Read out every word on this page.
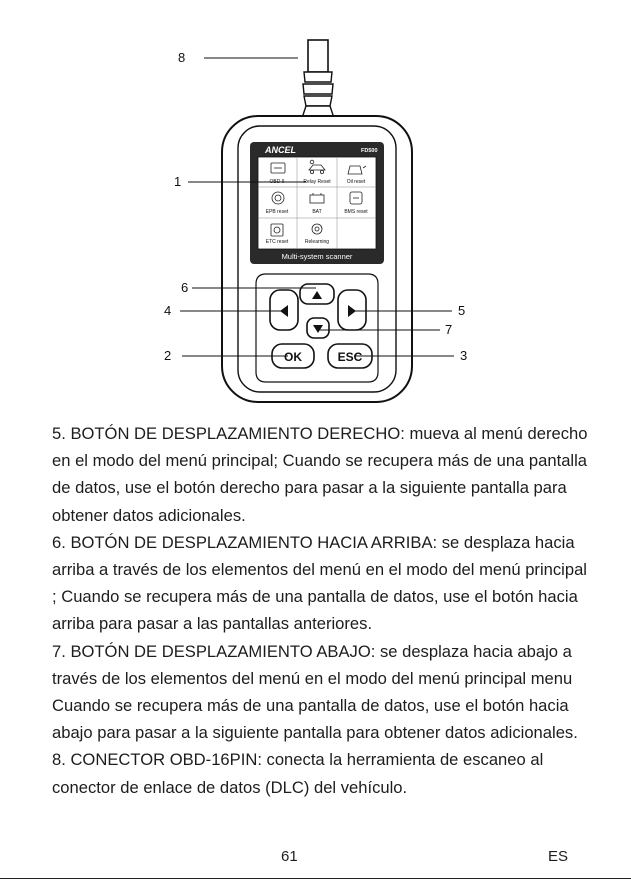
ANCEL	FD500
OBD II	Relay Reset	Oil reset
EPB reset	BAT	BMS reset
ETC reset	Relearning
Multi-system scanner
OK	ESC
8
1
6
4	5
7
2	3

5. BOTÓN DE DESPLAZAMIENTO DERECHO: mueva al menú derecho en el modo del menú principal; Cuando se recupera más de una pantalla de datos, use el botón derecho para pasar a la siguiente pantalla para obtener datos adicionales.

6. BOTÓN DE DESPLAZAMIENTO HACIA ARRIBA: se desplaza hacia arriba a través de los elementos del menú en el modo del menú principal ; Cuando se recupera más de una pantalla de datos, use el botón hacia arriba para pasar a las pantallas anteriores.

7. BOTÓN DE DESPLAZAMIENTO ABAJO: se desplaza hacia abajo a través de los elementos del menú en el modo del menú principal menu Cuando se recupera más de una pantalla de datos, use el botón hacia abajo para pasar a la siguiente pantalla para obtener datos adicionales.

8. CONECTOR OBD-16PIN: conecta la herramienta de escaneo al conector de enlace de datos (DLC) del vehículo.

61	ES
